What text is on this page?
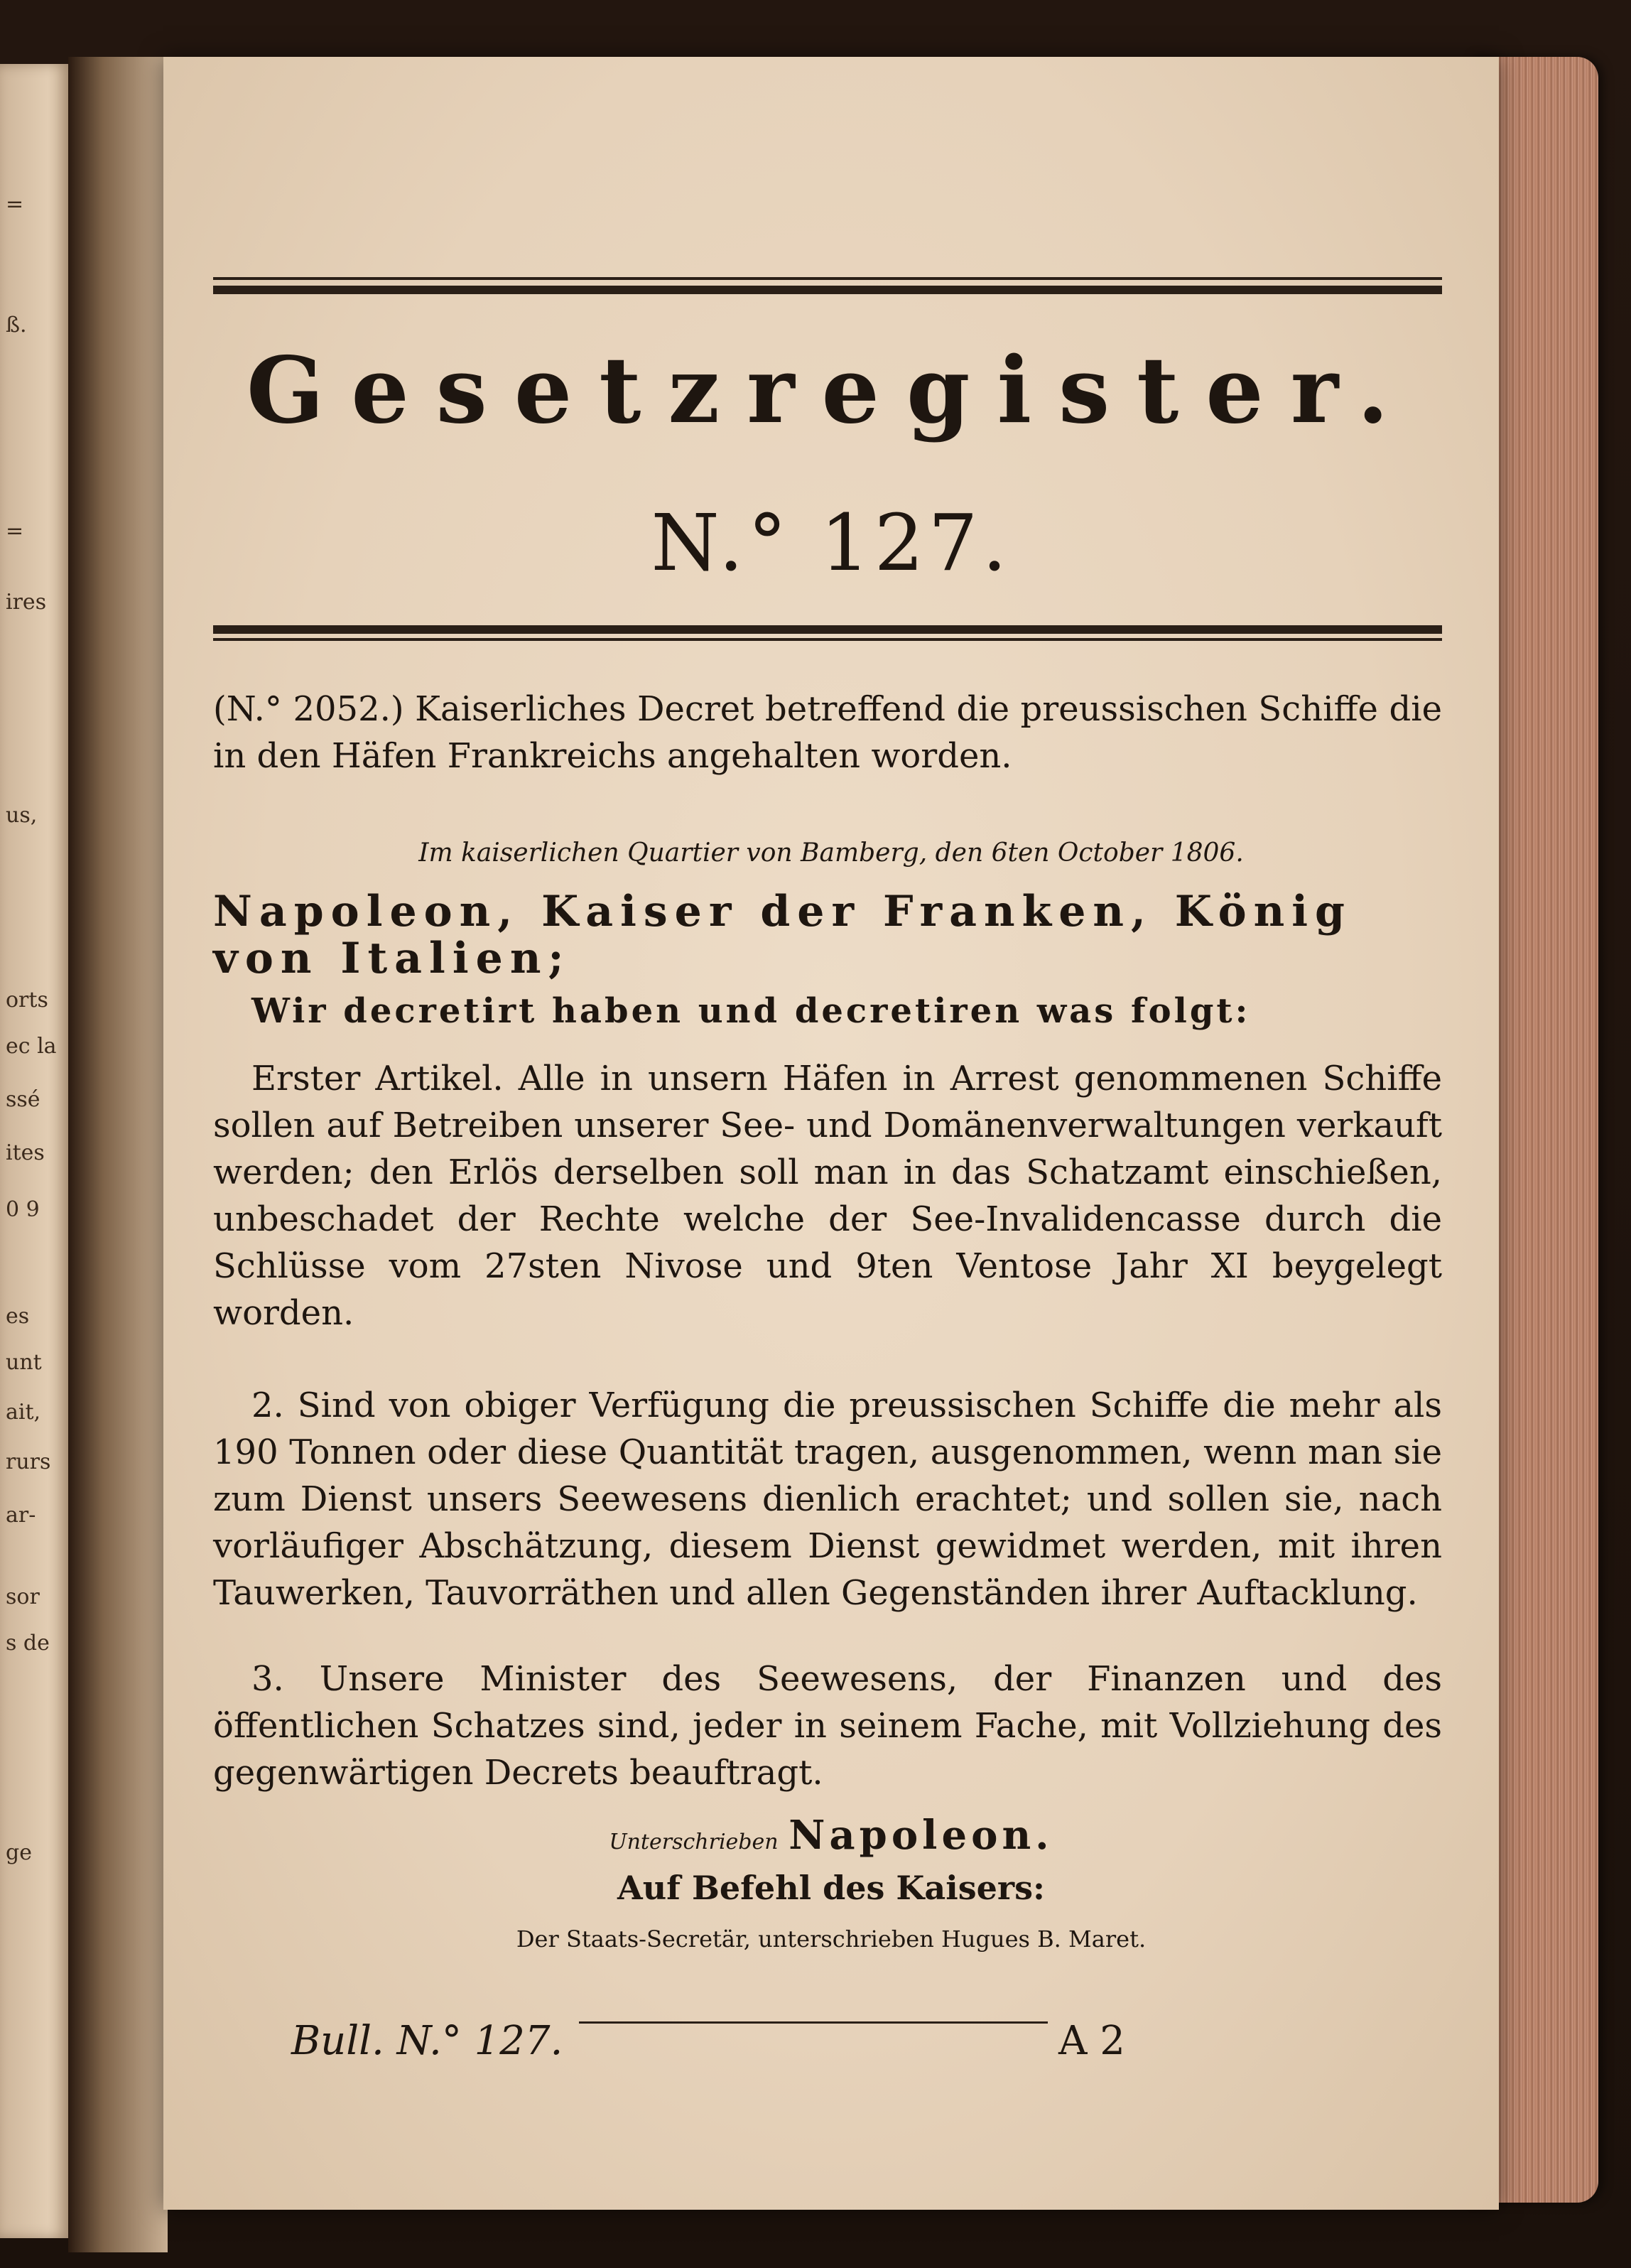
=
ß.
=
ires
us,
orts
ec la
ssé
ites
0 9
es
unt
ait,
rurs
ar-
sor
s de
ge
Gesetzregister.
N.° 127.
(N.° 2052.) Kaiserliches Decret betreffend die preussischen Schiffe die in den Häfen Frankreichs angehalten worden.
Im kaiserlichen Quartier von Bamberg, den 6ten October 1806.
Napoleon, Kaiser der Franken, König von Italien;
Wir decretirt haben und decretiren was folgt:
Erster Artikel. Alle in unsern Häfen in Arrest genommenen Schiffe sollen auf Betreiben unserer See- und Domänenverwaltungen verkauft werden; den Erlös derselben soll man in das Schatzamt einschießen, unbeschadet der Rechte welche der See-Invalidencasse durch die Schlüsse vom 27sten Nivose und 9ten Ventose Jahr XI beygelegt worden.
2. Sind von obiger Verfügung die preussischen Schiffe die mehr als 190 Tonnen oder diese Quantität tragen, ausgenommen, wenn man sie zum Dienst unsers Seewesens dienlich erachtet; und sollen sie, nach vorläufiger Abschätzung, diesem Dienst gewidmet werden, mit ihren Tauwerken, Tauvorräthen und allen Gegenständen ihrer Auftacklung.
3. Unsere Minister des Seewesens, der Finanzen und des öffentlichen Schatzes sind, jeder in seinem Fache, mit Vollziehung des gegenwärtigen Decrets beauftragt.
Unterschrieben Napoleon.
Auf Befehl des Kaisers:
Der Staats-Secretär, unterschrieben Hugues B. Maret.
Bull. N.° 127.	A 2
